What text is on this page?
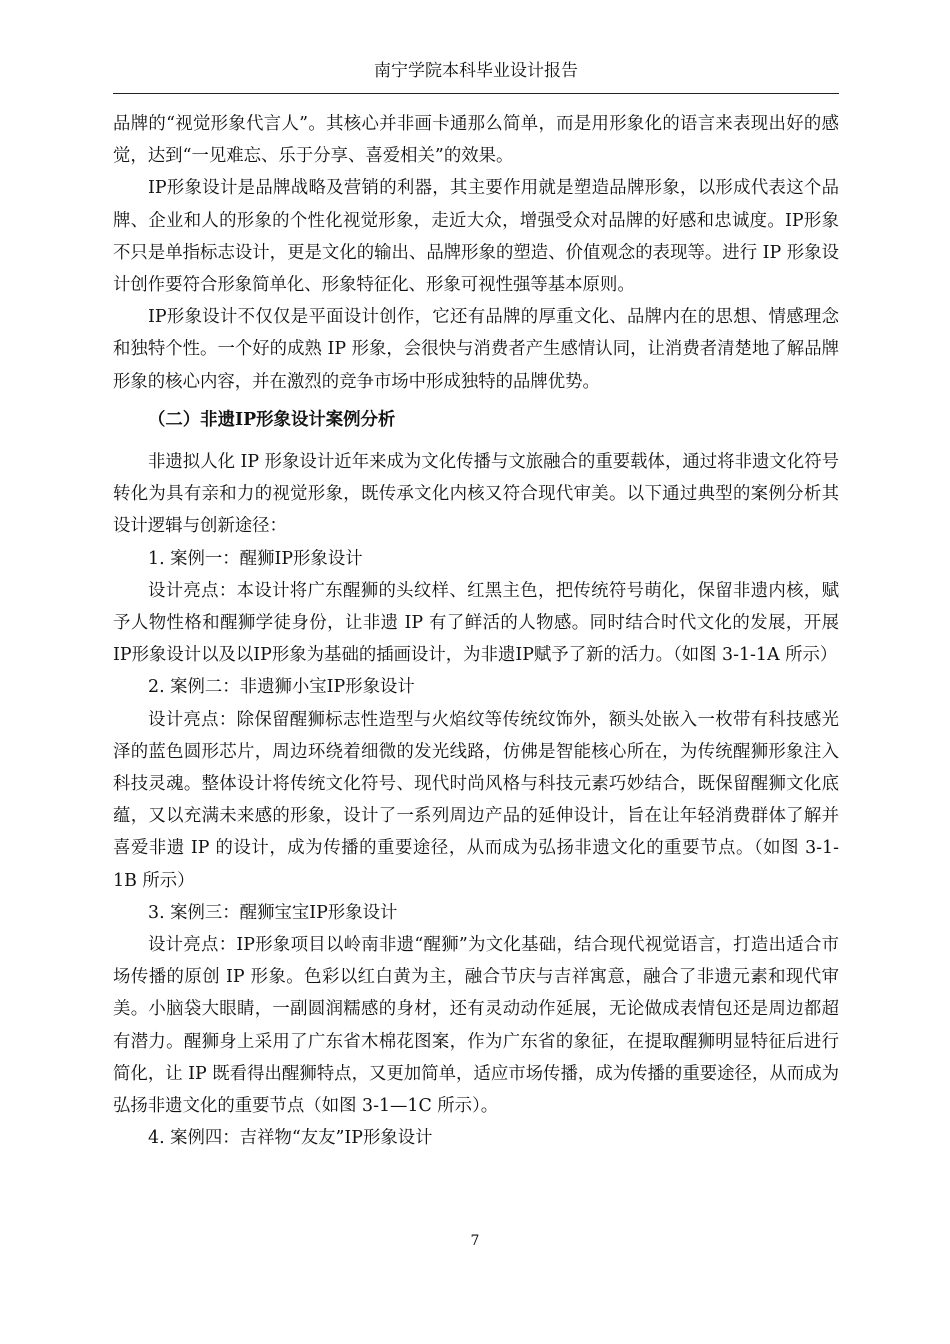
南宁学院本科毕业设计报告

品牌的“视觉形象代言人”。其核心并非画卡通那么简单，而是用形象化的语言来表现出好的感觉，达到“一见难忘、乐于分享、喜爱相关”的效果。

IP形象设计是品牌战略及营销的利器，其主要作用就是塑造品牌形象，以形成代表这个品牌、企业和人的形象的个性化视觉形象，走近大众，增强受众对品牌的好感和忠诚度。IP形象不只是单指标志设计，更是文化的输出、品牌形象的塑造、价值观念的表现等。进行 IP 形象设计创作要符合形象简单化、形象特征化、形象可视性强等基本原则。

IP形象设计不仅仅是平面设计创作，它还有品牌的厚重文化、品牌内在的思想、情感理念和独特个性。一个好的成熟 IP 形象，会很快与消费者产生感情认同，让消费者清楚地了解品牌形象的核心内容，并在激烈的竞争市场中形成独特的品牌优势。

（二）非遗IP形象设计案例分析

非遗拟人化 IP 形象设计近年来成为文化传播与文旅融合的重要载体，通过将非遗文化符号转化为具有亲和力的视觉形象，既传承文化内核又符合现代审美。以下通过典型的案例分析其设计逻辑与创新途径：

1. 案例一：醒狮IP形象设计

设计亮点：本设计将广东醒狮的头纹样、红黑主色，把传统符号萌化，保留非遗内核，赋予人物性格和醒狮学徒身份，让非遗 IP 有了鲜活的人物感。同时结合时代文化的发展，开展IP形象设计以及以IP形象为基础的插画设计，为非遗IP赋予了新的活力。（如图 3-1-1A 所示）

2. 案例二：非遗狮小宝IP形象设计

设计亮点：除保留醒狮标志性造型与火焰纹等传统纹饰外，额头处嵌入一枚带有科技感光泽的蓝色圆形芯片，周边环绕着细微的发光线路，仿佛是智能核心所在，为传统醒狮形象注入科技灵魂。整体设计将传统文化符号、现代时尚风格与科技元素巧妙结合，既保留醒狮文化底蕴，又以充满未来感的形象，设计了一系列周边产品的延伸设计，旨在让年轻消费群体了解并喜爱非遗 IP 的设计，成为传播的重要途径，从而成为弘扬非遗文化的重要节点。（如图 3-1-1B 所示）

3. 案例三：醒狮宝宝IP形象设计

设计亮点：IP形象项目以岭南非遗“醒狮”为文化基础，结合现代视觉语言，打造出适合市场传播的原创 IP 形象。色彩以红白黄为主，融合节庆与吉祥寓意，融合了非遗元素和现代审美。小脑袋大眼睛，一副圆润糯感的身材，还有灵动动作延展，无论做成表情包还是周边都超有潜力。醒狮身上采用了广东省木棉花图案，作为广东省的象征，在提取醒狮明显特征后进行简化，让 IP 既看得出醒狮特点，又更加简单，适应市场传播，成为传播的重要途径，从而成为弘扬非遗文化的重要节点（如图 3-1—1C 所示）。

4. 案例四：吉祥物“友友”IP形象设计

7
